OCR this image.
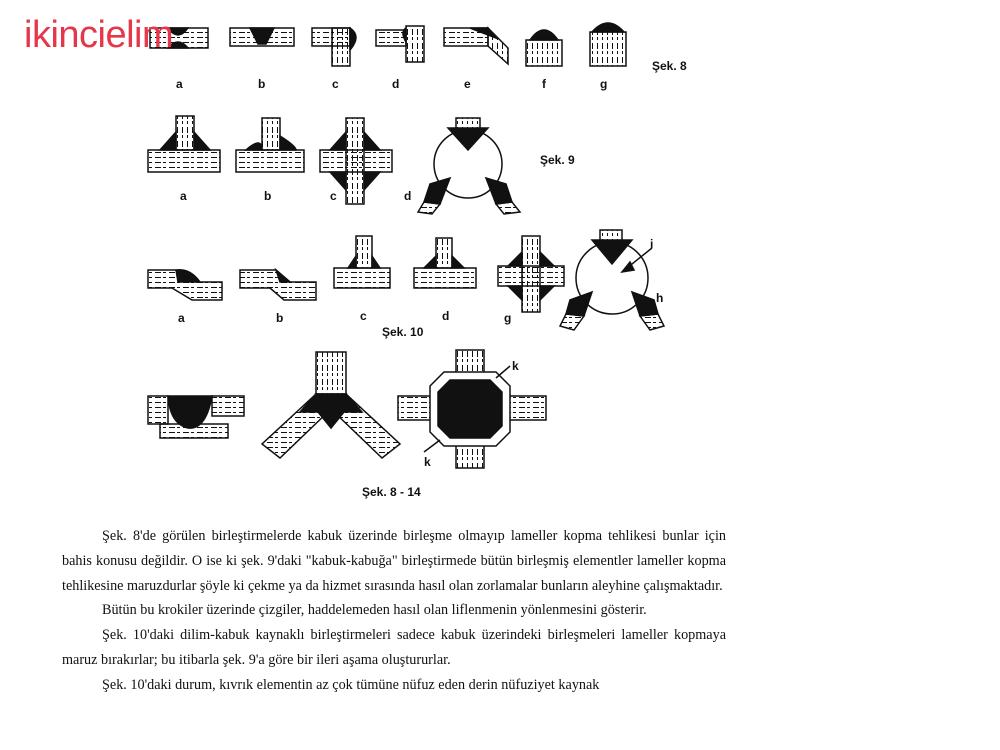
ikincielim
a	b	c	d	e	f	g
Şek. 8
a	b	c	d
Şek. 9
a	b	c	d	g
h
i
Şek. 10
k
k
Şek. 8 - 14

Şek. 8'de görülen birleştirmelerde kabuk üzerinde birleşme olmayıp lameller kopma tehlikesi bunlar için bahis konusu değildir. O ise ki şek. 9'daki "kabuk-kabuğa" birleştirmede bütün birleşmiş elementler lameller kopma tehlikesine maruzdurlar şöyle ki çekme ya da hizmet sırasında hasıl olan zorlamalar bunların aleyhine çalışmaktadır.

Bütün bu krokiler üzerinde çizgiler, haddelemeden hasıl olan liflenmenin yönlenmesini gösterir.

Şek. 10'daki dilim-kabuk kaynaklı birleştirmeleri sadece kabuk üzerindeki birleşmeleri lameller kopmaya maruz bırakırlar; bu itibarla şek. 9'a göre bir ileri aşama oluştururlar.

Şek. 10'daki durum, kıvrık elementin az çok tümüne nüfuz eden derin nüfuziyet kaynak
